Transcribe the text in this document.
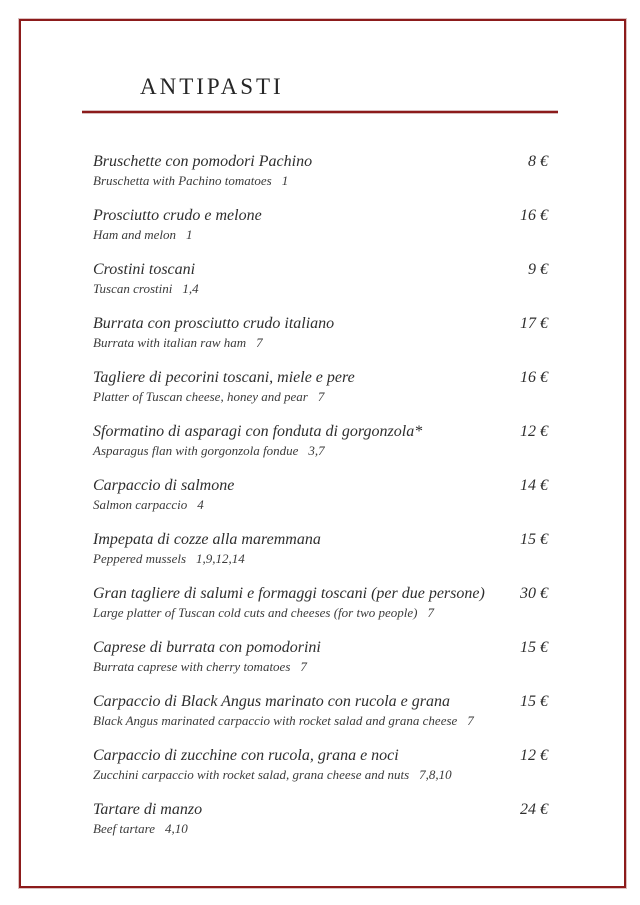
ANTIPASTI
Bruschette con pomodori Pachino	8 €
Bruschetta with Pachino tomatoes 1
Prosciutto crudo e melone	16 €
Ham and melon 1
Crostini toscani	9 €
Tuscan crostini 1,4
Burrata con prosciutto crudo italiano	17 €
Burrata with italian raw ham 7
Tagliere di pecorini toscani, miele e pere	16 €
Platter of Tuscan cheese, honey and pear 7
Sformatino di asparagi con fonduta di gorgonzola*	12 €
Asparagus flan with gorgonzola fondue 3,7
Carpaccio di salmone	14 €
Salmon carpaccio 4
Impepata di cozze alla maremmana	15 €
Peppered mussels 1,9,12,14
Gran tagliere di salumi e formaggi toscani (per due persone)	30 €
Large platter of Tuscan cold cuts and cheeses (for two people) 7
Caprese di burrata con pomodorini	15 €
Burrata caprese with cherry tomatoes 7
Carpaccio di Black Angus marinato con rucola e grana	15 €
Black Angus marinated carpaccio with rocket salad and grana cheese 7
Carpaccio di zucchine con rucola, grana e noci	12 €
Zucchini carpaccio with rocket salad, grana cheese and nuts 7,8,10
Tartare di manzo	24 €
Beef tartare 4,10
